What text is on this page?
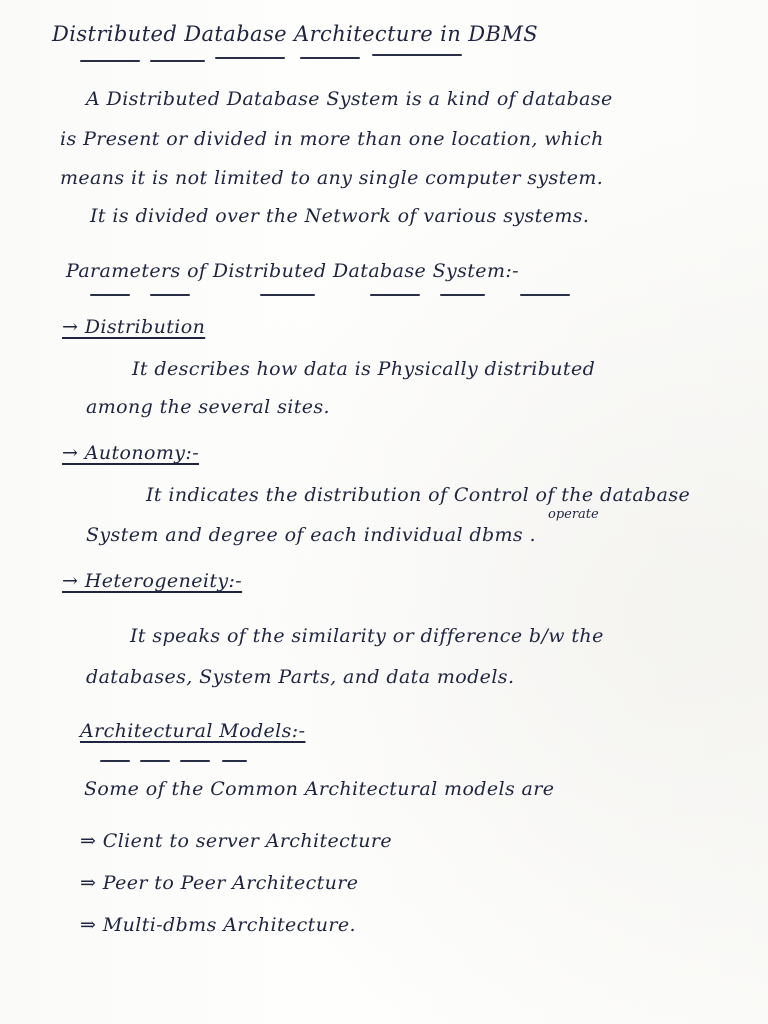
Distributed Database Architecture in DBMS
A Distributed Database System is a kind of database
is Present or divided in more than one location, which
means it is not limited to any single computer system.
It is divided over the Network of various systems.
Parameters of Distributed Database System:-
→ Distribution
It describes how data is Physically distributed
among the several sites.
→ Autonomy:-
It indicates the distribution of Control of the database
operate
System and degree of each individual dbms .
→ Heterogeneity:-
It speaks of the similarity or difference b/w the
databases, System Parts, and data models.
Architectural Models:-
Some of the Common Architectural models are
⇒ Client to server Architecture
⇒ Peer to Peer Architecture
⇒ Multi-dbms Architecture.
